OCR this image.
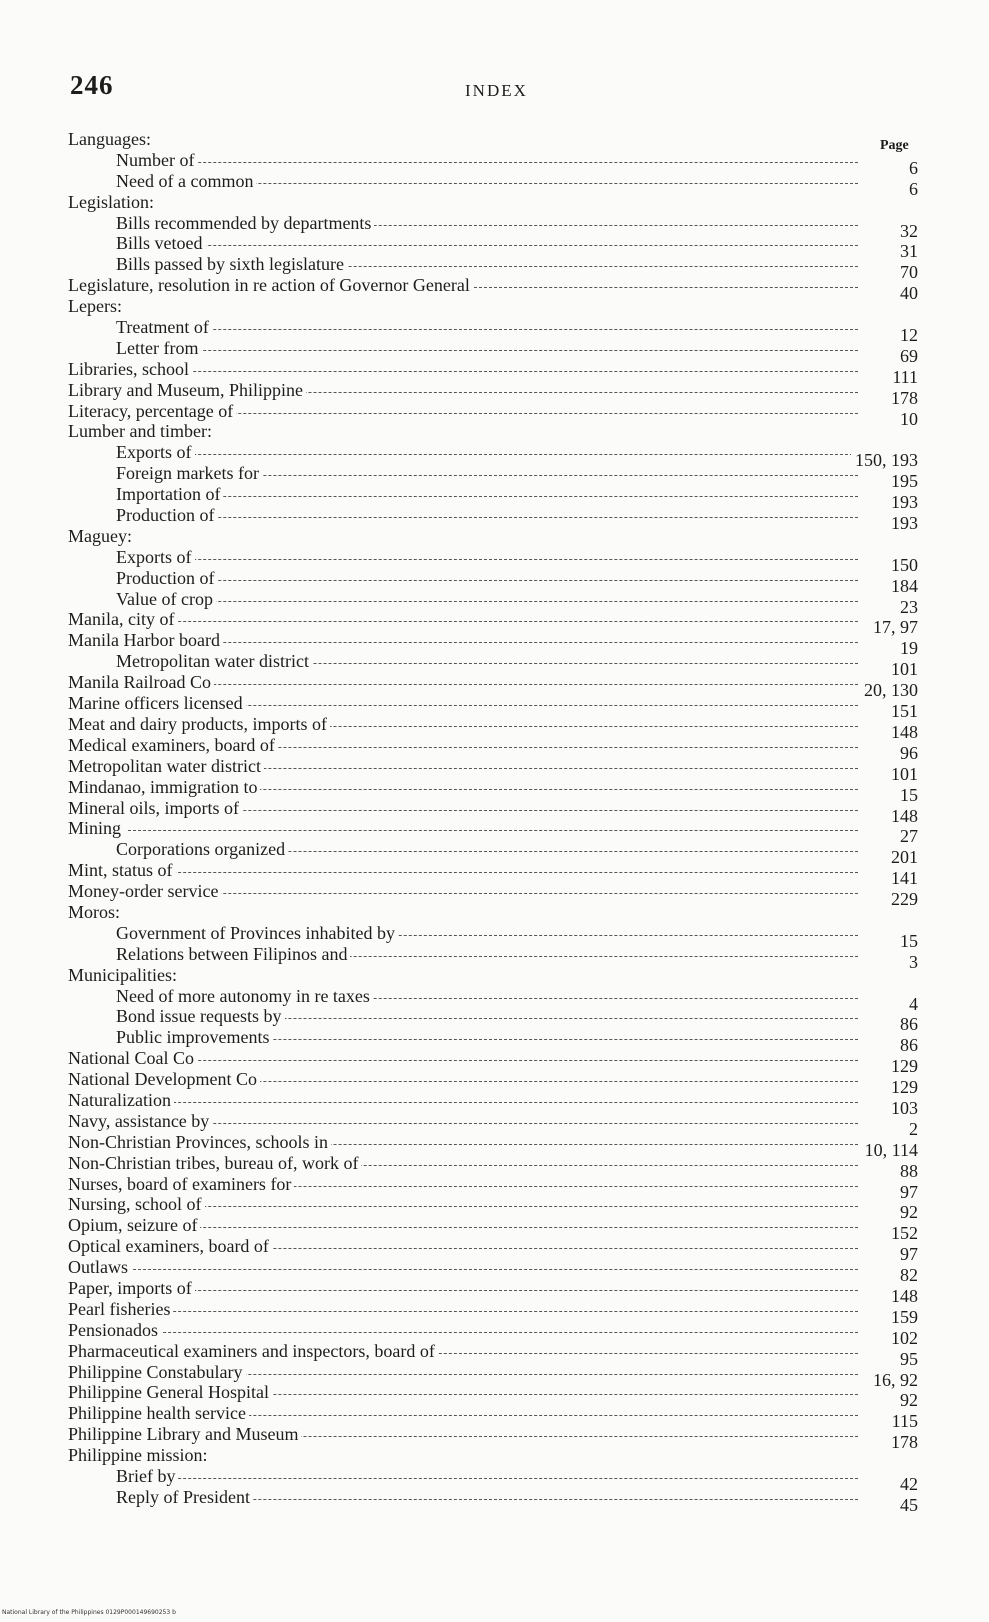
246	INDEX
Page
Languages:
Number of	6
Need of a common	6
Legislation:
Bills recommended by departments	32
Bills vetoed	31
Bills passed by sixth legislature	70
Legislature, resolution in re action of Governor General	40
Lepers:
Treatment of	12
Letter from	69
Libraries, school	111
Library and Museum, Philippine	178
Literacy, percentage of	10
Lumber and timber:
Exports of	150, 193
Foreign markets for	195
Importation of	193
Production of	193
Maguey:
Exports of	150
Production of	184
Value of crop	23
Manila, city of	17, 97
Manila Harbor board	19
Metropolitan water district	101
Manila Railroad Co	20, 130
Marine officers licensed	151
Meat and dairy products, imports of	148
Medical examiners, board of	96
Metropolitan water district	101
Mindanao, immigration to	15
Mineral oils, imports of	148
Mining	27
Corporations organized	201
Mint, status of	141
Money-order service	229
Moros:
Government of Provinces inhabited by	15
Relations between Filipinos and	3
Municipalities:
Need of more autonomy in re taxes	4
Bond issue requests by	86
Public improvements	86
National Coal Co	129
National Development Co	129
Naturalization	103
Navy, assistance by	2
Non-Christian Provinces, schools in	10, 114
Non-Christian tribes, bureau of, work of	88
Nurses, board of examiners for	97
Nursing, school of	92
Opium, seizure of	152
Optical examiners, board of	97
Outlaws	82
Paper, imports of	148
Pearl fisheries	159
Pensionados	102
Pharmaceutical examiners and inspectors, board of	95
Philippine Constabulary	16, 92
Philippine General Hospital	92
Philippine health service	115
Philippine Library and Museum	178
Philippine mission:
Brief by	42
Reply of President	45
National Library of the Philippines 0129P000149690253 b
